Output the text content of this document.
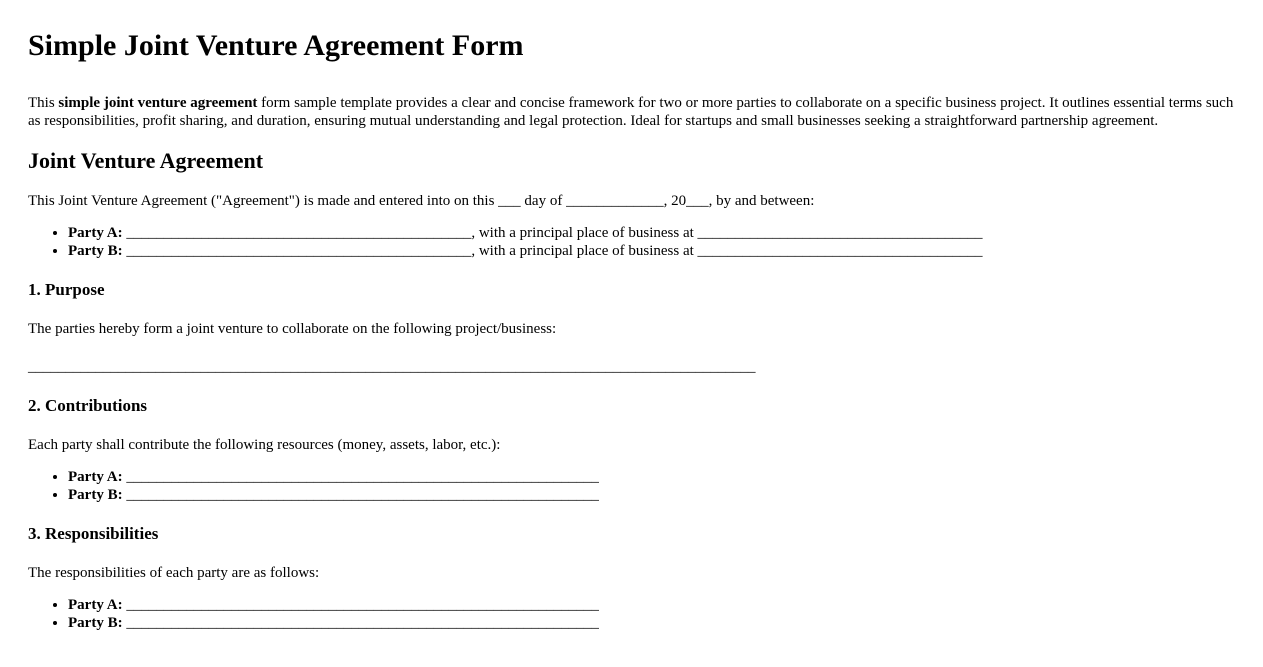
Simple Joint Venture Agreement Form

This simple joint venture agreement form sample template provides a clear and concise framework for two or more parties to collaborate on a specific business project. It outlines essential terms such as responsibilities, profit sharing, and duration, ensuring mutual understanding and legal protection. Ideal for startups and small businesses seeking a straightforward partnership agreement.

Joint Venture Agreement

This Joint Venture Agreement ("Agreement") is made and entered into on this ___ day of _____________, 20___, by and between:

• Party A: ______________________________________________, with a principal place of business at ______________________________________
• Party B: ______________________________________________, with a principal place of business at ______________________________________
1. Purpose

The parties hereby form a joint venture to collaborate on the following project/business:

_________________________________________________________________________________________________

2. Contributions

Each party shall contribute the following resources (money, assets, labor, etc.):

• Party A: _______________________________________________________________
• Party B: _______________________________________________________________
3. Responsibilities

The responsibilities of each party are as follows:

• Party A: _______________________________________________________________
• Party B: _______________________________________________________________
